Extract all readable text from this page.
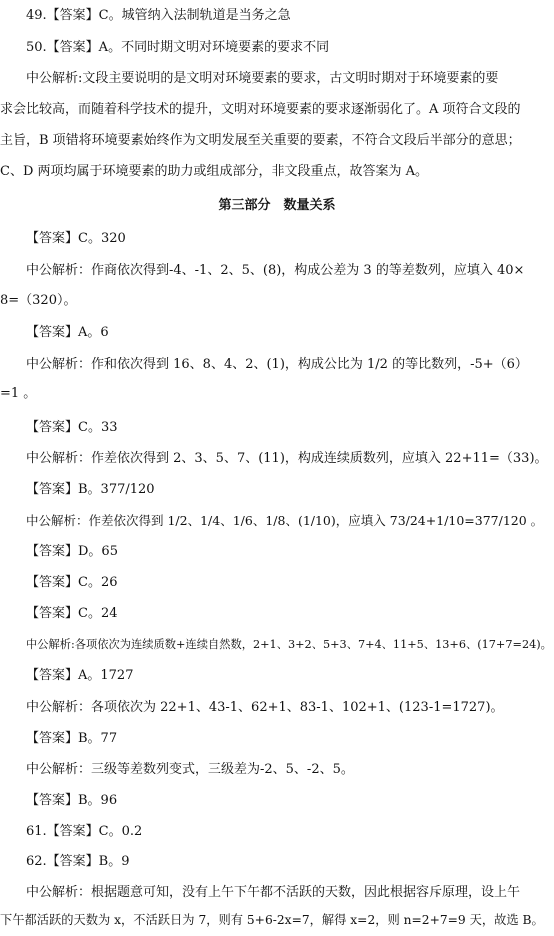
49.【答案】C。城管纳入法制轨道是当务之急
50.【答案】A。不同时期文明对环境要素的要求不同
中公解析:文段主要说明的是文明对环境要素的要求，古文明时期对于环境要素的要
求会比较高，而随着科学技术的提升，文明对环境要素的要求逐渐弱化了。A 项符合文段的
主旨，B 项错将环境要素始终作为文明发展至关重要的要素，不符合文段后半部分的意思；
C、D 两项均属于环境要素的助力或组成部分，非文段重点，故答案为 A。
第三部分　数量关系
【答案】C。320
中公解析：作商依次得到-4、-1、2、5、(8)，构成公差为 3 的等差数列，应填入 40×
8=（320）。
【答案】A。6
中公解析：作和依次得到 16、8、4、2、(1)，构成公比为 1/2 的等比数列，-5+（6）
=1 。
【答案】C。33
中公解析：作差依次得到 2、3、5、7、(11)，构成连续质数列，应填入 22+11=（33)。
【答案】B。377/120
中公解析：作差依次得到 1/2、1/4、1/6、1/8、(1/10)，应填入 73/24+1/10=377/120 。
【答案】D。65
【答案】C。26
【答案】C。24
中公解析:各项依次为连续质数+连续自然数，2+1、3+2、5+3、7+4、11+5、13+6、(17+7=24)。
【答案】A。1727
中公解析：各项依次为 22+1、43-1、62+1、83-1、102+1、(123-1=1727)。
【答案】B。77
中公解析：三级等差数列变式，三级差为-2、5、-2、5。
【答案】B。96
61.【答案】C。0.2
62.【答案】B。9
中公解析：根据题意可知，没有上午下午都不活跃的天数，因此根据容斥原理，设上午
下午都活跃的天数为 x，不活跃日为 7，则有 5+6-2x=7，解得 x=2，则 n=2+7=9 天，故选 B。
